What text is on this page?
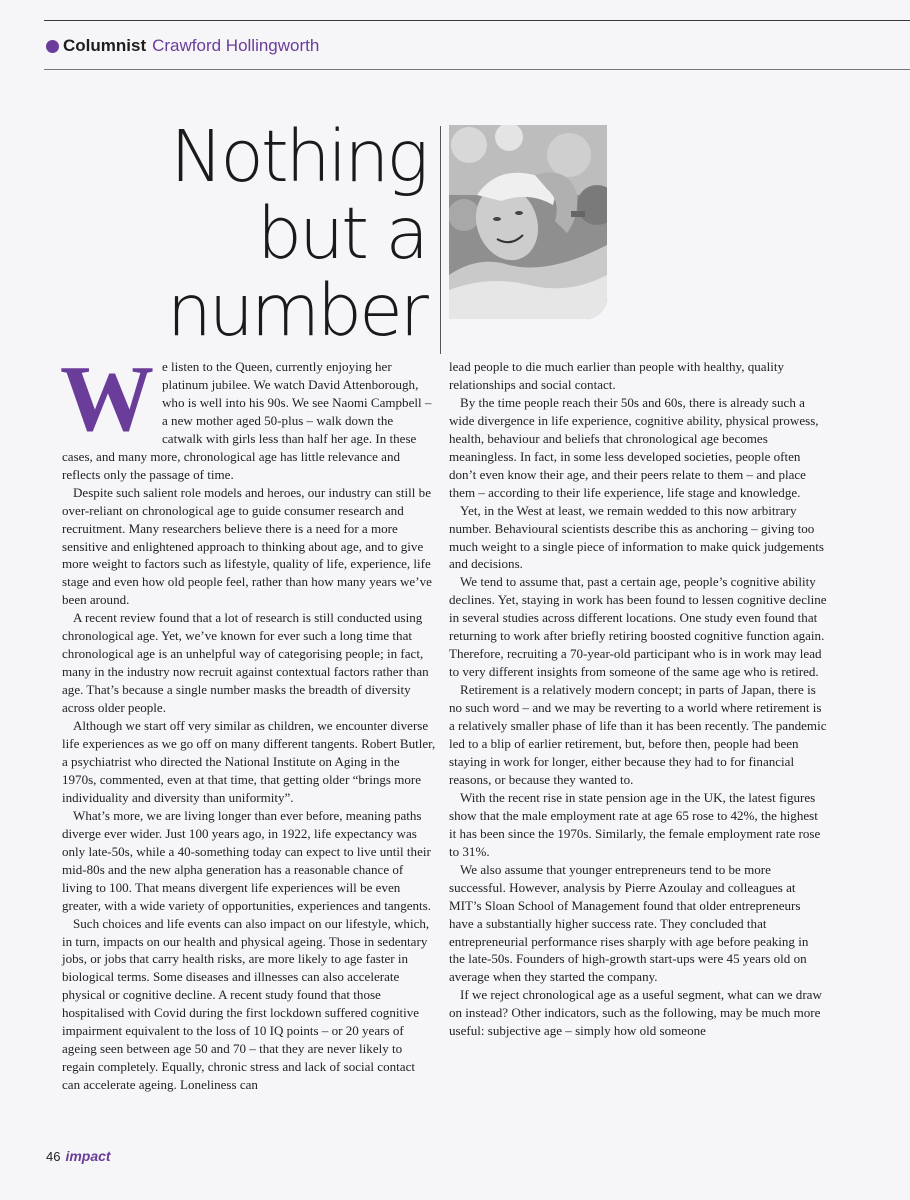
Columnist Crawford Hollingworth
Nothing
but a
number

We listen to the Queen, currently enjoying her platinum jubilee. We watch David Attenborough, who is well into his 90s. We see Naomi Campbell – a new mother aged 50-plus – walk down the catwalk with girls less than half her age. In these cases, and many more, chronological age has little relevance and reflects only the passage of time.

Despite such salient role models and heroes, our industry can still be over-reliant on chronological age to guide consumer research and recruitment. Many researchers believe there is a need for a more sensitive and enlightened approach to thinking about age, and to give more weight to factors such as lifestyle, quality of life, experience, life stage and even how old people feel, rather than how many years we’ve been around.

A recent review found that a lot of research is still conducted using chronological age. Yet, we’ve known for ever such a long time that chronological age is an unhelpful way of categorising people; in fact, many in the industry now recruit against contextual factors rather than age. That’s because a single number masks the breadth of diversity across older people.

Although we start off very similar as children, we encounter diverse life experiences as we go off on many different tangents. Robert Butler, a psychiatrist who directed the National Institute on Aging in the 1970s, commented, even at that time, that getting older “brings more individuality and diversity than uniformity”.

What’s more, we are living longer than ever before, meaning paths diverge ever wider. Just 100 years ago, in 1922, life expectancy was only late-50s, while a 40-something today can expect to live until their mid-80s and the new alpha generation has a reasonable chance of living to 100. That means divergent life experiences will be even greater, with a wide variety of opportunities, experiences and tangents.

Such choices and life events can also impact on our lifestyle, which, in turn, impacts on our health and physical ageing. Those in sedentary jobs, or jobs that carry health risks, are more likely to age faster in biological terms. Some diseases and illnesses can also accelerate physical or cognitive decline. A recent study found that those hospitalised with Covid during the first lockdown suffered cognitive impairment equivalent to the loss of 10 IQ points – or 20 years of ageing seen between age 50 and 70 – that they are never likely to regain completely. Equally, chronic stress and lack of social contact can accelerate ageing. Loneliness can

lead people to die much earlier than people with healthy, quality relationships and social contact.

By the time people reach their 50s and 60s, there is already such a wide divergence in life experience, cognitive ability, physical prowess, health, behaviour and beliefs that chronological age becomes meaningless. In fact, in some less developed societies, people often don’t even know their age, and their peers relate to them – and place them – according to their life experience, life stage and knowledge.

Yet, in the West at least, we remain wedded to this now arbitrary number. Behavioural scientists describe this as anchoring – giving too much weight to a single piece of information to make quick judgements and decisions.

We tend to assume that, past a certain age, people’s cognitive ability declines. Yet, staying in work has been found to lessen cognitive decline in several studies across different locations. One study even found that returning to work after briefly retiring boosted cognitive function again. Therefore, recruiting a 70-year-old participant who is in work may lead to very different insights from someone of the same age who is retired.

Retirement is a relatively modern concept; in parts of Japan, there is no such word – and we may be reverting to a world where retirement is a relatively smaller phase of life than it has been recently. The pandemic led to a blip of earlier retirement, but, before then, people had been staying in work for longer, either because they had to for financial reasons, or because they wanted to.

With the recent rise in state pension age in the UK, the latest figures show that the male employment rate at age 65 rose to 42%, the highest it has been since the 1970s. Similarly, the female employment rate rose to 31%.

We also assume that younger entrepreneurs tend to be more successful. However, analysis by Pierre Azoulay and colleagues at MIT’s Sloan School of Management found that older entrepreneurs have a substantially higher success rate. They concluded that entrepreneurial performance rises sharply with age before peaking in the late-50s. Founders of high-growth start-ups were 45 years old on average when they started the company.

If we reject chronological age as a useful segment, what can we draw on instead? Other indicators, such as the following, may be much more useful: subjective age – simply how old someone

46 impact
